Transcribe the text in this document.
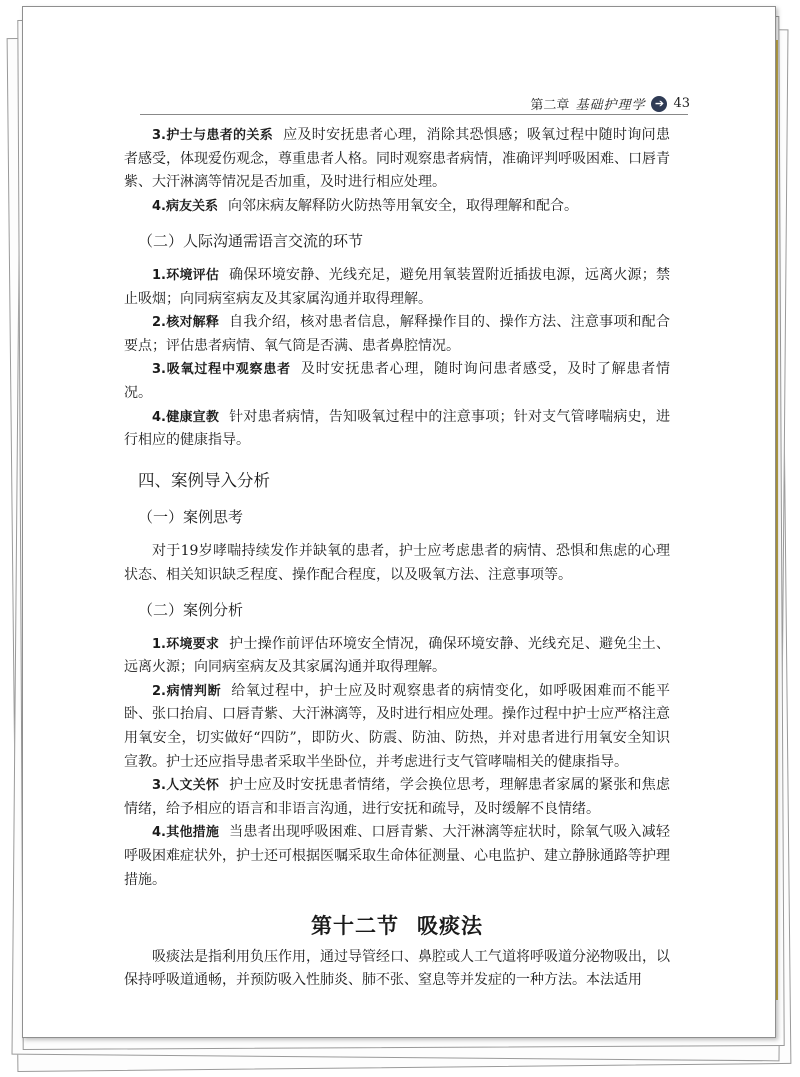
第二章 基础护理学 ➔ 43

3.护士与患者的关系 应及时安抚患者心理，消除其恐惧感；吸氧过程中随时询问患者感受，体现爱伤观念，尊重患者人格。同时观察患者病情，准确评判呼吸困难、口唇青紫、大汗淋漓等情况是否加重，及时进行相应处理。

4.病友关系 向邻床病友解释防火防热等用氧安全，取得理解和配合。

（二）人际沟通需语言交流的环节

1.环境评估 确保环境安静、光线充足，避免用氧装置附近插拔电源，远离火源；禁止吸烟；向同病室病友及其家属沟通并取得理解。

2.核对解释 自我介绍，核对患者信息，解释操作目的、操作方法、注意事项和配合要点；评估患者病情、氧气筒是否满、患者鼻腔情况。

3.吸氧过程中观察患者 及时安抚患者心理，随时询问患者感受，及时了解患者情况。

4.健康宣教 针对患者病情，告知吸氧过程中的注意事项；针对支气管哮喘病史，进行相应的健康指导。

四、案例导入分析
（一）案例思考

对于19岁哮喘持续发作并缺氧的患者，护士应考虑患者的病情、恐惧和焦虑的心理状态、相关知识缺乏程度、操作配合程度，以及吸氧方法、注意事项等。

（二）案例分析

1.环境要求 护士操作前评估环境安全情况，确保环境安静、光线充足、避免尘土、远离火源；向同病室病友及其家属沟通并取得理解。

2.病情判断 给氧过程中，护士应及时观察患者的病情变化，如呼吸困难而不能平卧、张口抬肩、口唇青紫、大汗淋漓等，及时进行相应处理。操作过程中护士应严格注意用氧安全，切实做好“四防”，即防火、防震、防油、防热，并对患者进行用氧安全知识宣教。护士还应指导患者采取半坐卧位，并考虑进行支气管哮喘相关的健康指导。

3.人文关怀 护士应及时安抚患者情绪，学会换位思考，理解患者家属的紧张和焦虑情绪，给予相应的语言和非语言沟通，进行安抚和疏导，及时缓解不良情绪。

4.其他措施 当患者出现呼吸困难、口唇青紫、大汗淋漓等症状时，除氧气吸入减轻呼吸困难症状外，护士还可根据医嘱采取生命体征测量、心电监护、建立静脉通路等护理措施。

第十二节 吸痰法

吸痰法是指利用负压作用，通过导管经口、鼻腔或人工气道将呼吸道分泌物吸出，以保持呼吸道通畅，并预防吸入性肺炎、肺不张、窒息等并发症的一种方法。本法适用
